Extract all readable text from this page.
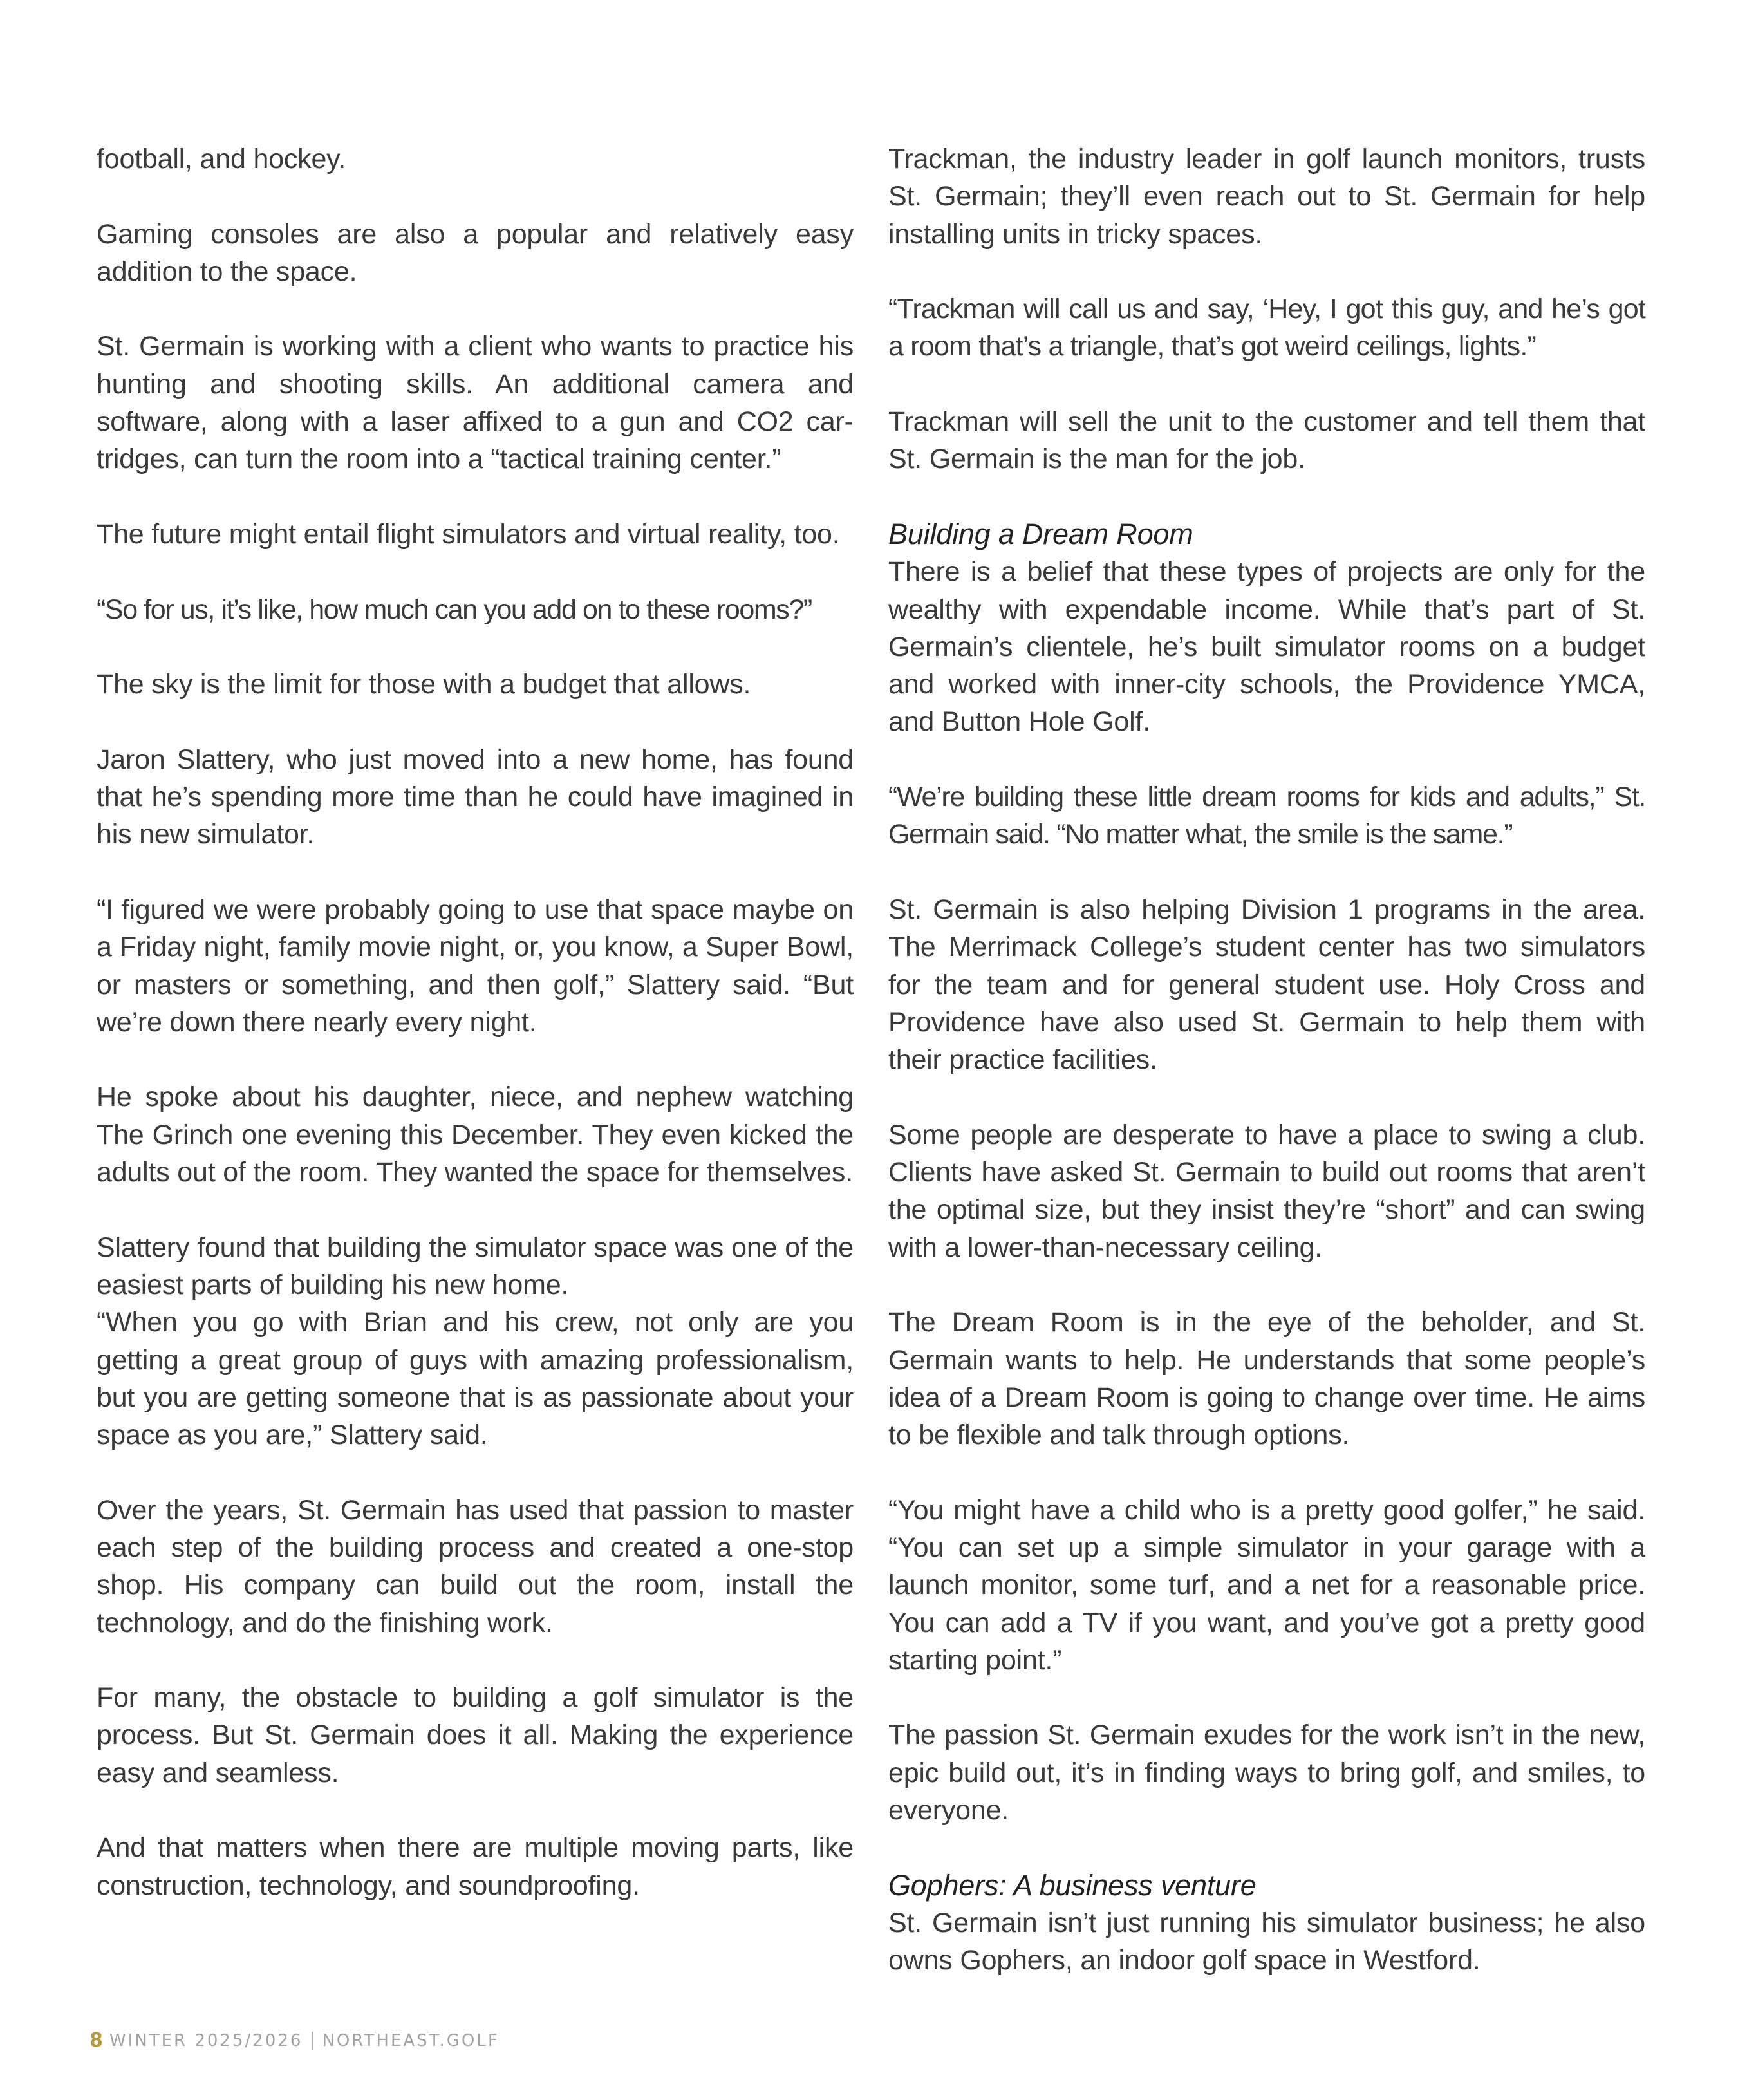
football, and hockey.

Gaming consoles are also a popular and relatively easy addition to the space.

St. Germain is working with a client who wants to practice his hunting and shooting skills. An additional camera and software, along with a laser affixed to a gun and CO2 cartridges, can turn the room into a “tactical training center.”

The future might entail flight simulators and virtual reality, too.

“So for us, it’s like, how much can you add on to these rooms?”

The sky is the limit for those with a budget that allows.

Jaron Slattery, who just moved into a new home, has found that he’s spending more time than he could have imagined in his new simulator.

“I figured we were probably going to use that space maybe on a Friday night, family movie night, or, you know, a Super Bowl, or masters or something, and then golf,” Slattery said. “But we’re down there nearly every night.

He spoke about his daughter, niece, and nephew watching The Grinch one evening this December. They even kicked the adults out of the room. They wanted the space for themselves.

Slattery found that building the simulator space was one of the easiest parts of building his new home.

“When you go with Brian and his crew, not only are you getting a great group of guys with amazing professionalism, but you are getting someone that is as passionate about your space as you are,” Slattery said.

Over the years, St. Germain has used that passion to master each step of the building process and created a one-stop shop. His company can build out the room, install the technology, and do the finishing work.

For many, the obstacle to building a golf simulator is the process. But St. Germain does it all. Making the experience easy and seamless.

And that matters when there are multiple moving parts, like construction, technology, and soundproofing.

Trackman, the industry leader in golf launch monitors, trusts St. Germain; they’ll even reach out to St. Germain for help installing units in tricky spaces.

“Trackman will call us and say, ‘Hey, I got this guy, and he’s got a room that’s a triangle, that’s got weird ceilings, lights.”

Trackman will sell the unit to the customer and tell them that St. Germain is the man for the job.

Building a Dream Room

There is a belief that these types of projects are only for the wealthy with expendable income. While that’s part of St. Germain’s clientele, he’s built simulator rooms on a budget and worked with inner-city schools, the Providence YMCA, and Button Hole Golf.

“We’re building these little dream rooms for kids and adults,” St. Germain said. “No matter what, the smile is the same.”

St. Germain is also helping Division 1 programs in the area. The Merrimack College’s student center has two simulators for the team and for general student use. Holy Cross and Providence have also used St. Germain to help them with their practice facilities.

Some people are desperate to have a place to swing a club. Clients have asked St. Germain to build out rooms that aren’t the optimal size, but they insist they’re “short” and can swing with a lower-than-necessary ceiling.

The Dream Room is in the eye of the beholder, and St. Germain wants to help. He understands that some people’s idea of a Dream Room is going to change over time. He aims to be flexible and talk through options.

“You might have a child who is a pretty good golfer,” he said. “You can set up a simple simulator in your garage with a launch monitor, some turf, and a net for a reasonable price. You can add a TV if you want, and you’ve got a pretty good starting point.”

The passion St. Germain exudes for the work isn’t in the new, epic build out, it’s in finding ways to bring golf, and smiles, to everyone.

Gophers: A business venture

St. Germain isn’t just running his simulator business; he also owns Gophers, an indoor golf space in Westford.

8 WINTER 2025/2026 NORTHEAST.GOLF
